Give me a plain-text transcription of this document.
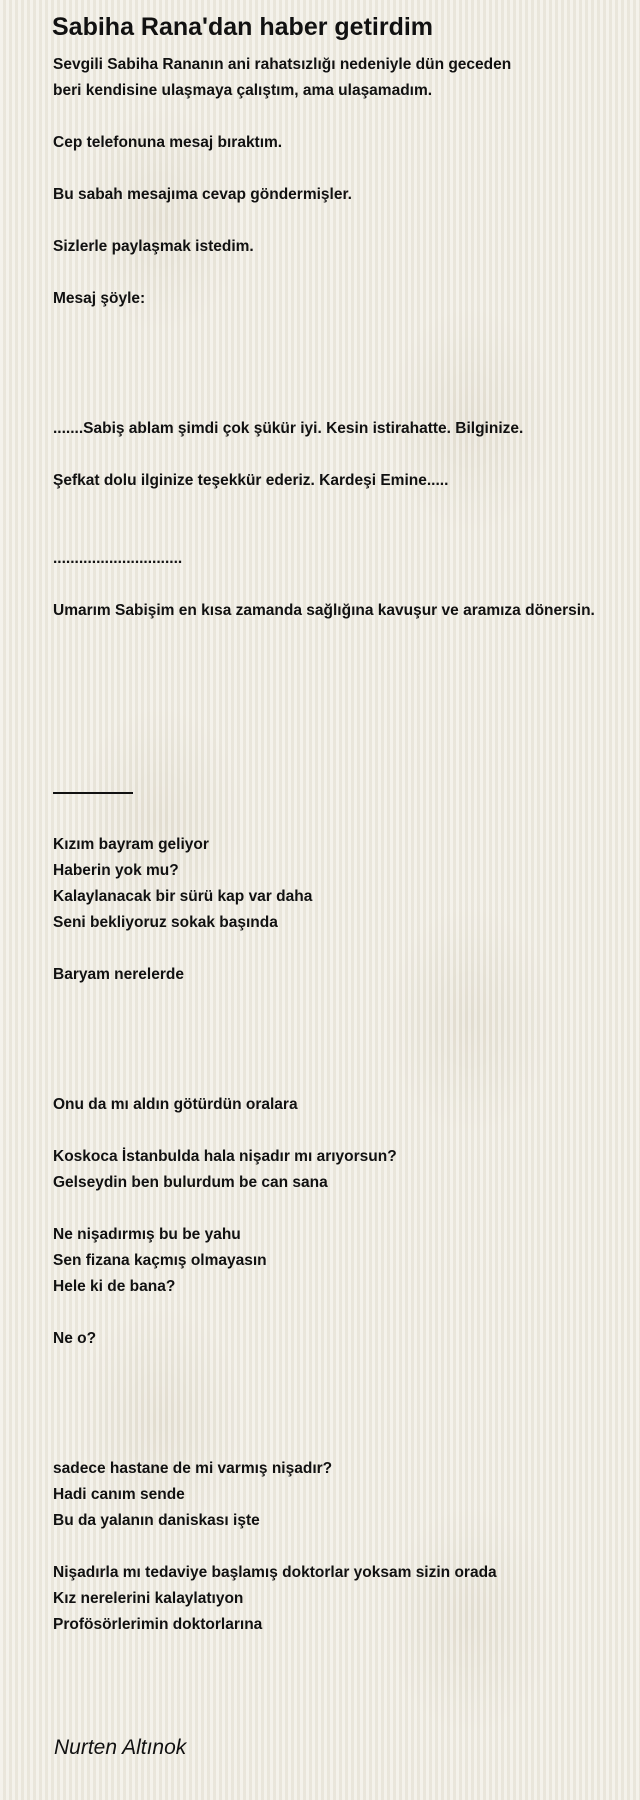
Sabiha Rana'dan haber getirdim
Sevgili Sabiha Rananın ani rahatsızlığı nedeniyle dün geceden
beri kendisine ulaşmaya çalıştım, ama ulaşamadım.
Cep telefonuna mesaj bıraktım.
Bu sabah mesajıma cevap göndermişler.
Sizlerle paylaşmak istedim.
Mesaj şöyle:
.......Sabiş ablam şimdi çok şükür iyi. Kesin istirahatte. Bilginize.
Şefkat dolu ilginize teşekkür ederiz. Kardeşi Emine.....
..............................
Umarım Sabişim en kısa zamanda sağlığına kavuşur ve aramıza dönersin.
Kızım bayram geliyor
Haberin yok mu?
Kalaylanacak bir sürü kap var daha
Seni bekliyoruz sokak başında
Baryam nerelerde
Onu da mı aldın götürdün oralara
Koskoca İstanbulda hala nişadır mı arıyorsun?
Gelseydin ben bulurdum be can sana
Ne nişadırmış bu be yahu
Sen fizana kaçmış olmayasın
Hele ki de bana?
Ne o?
sadece hastane de mi varmış nişadır?
Hadi canım sende
Bu da yalanın daniskası işte
Nişadırla mı tedaviye başlamış doktorlar yoksam sizin orada
Kız nerelerini kalaylatıyon
Profösörlerimin doktorlarına
Nurten Altınok
